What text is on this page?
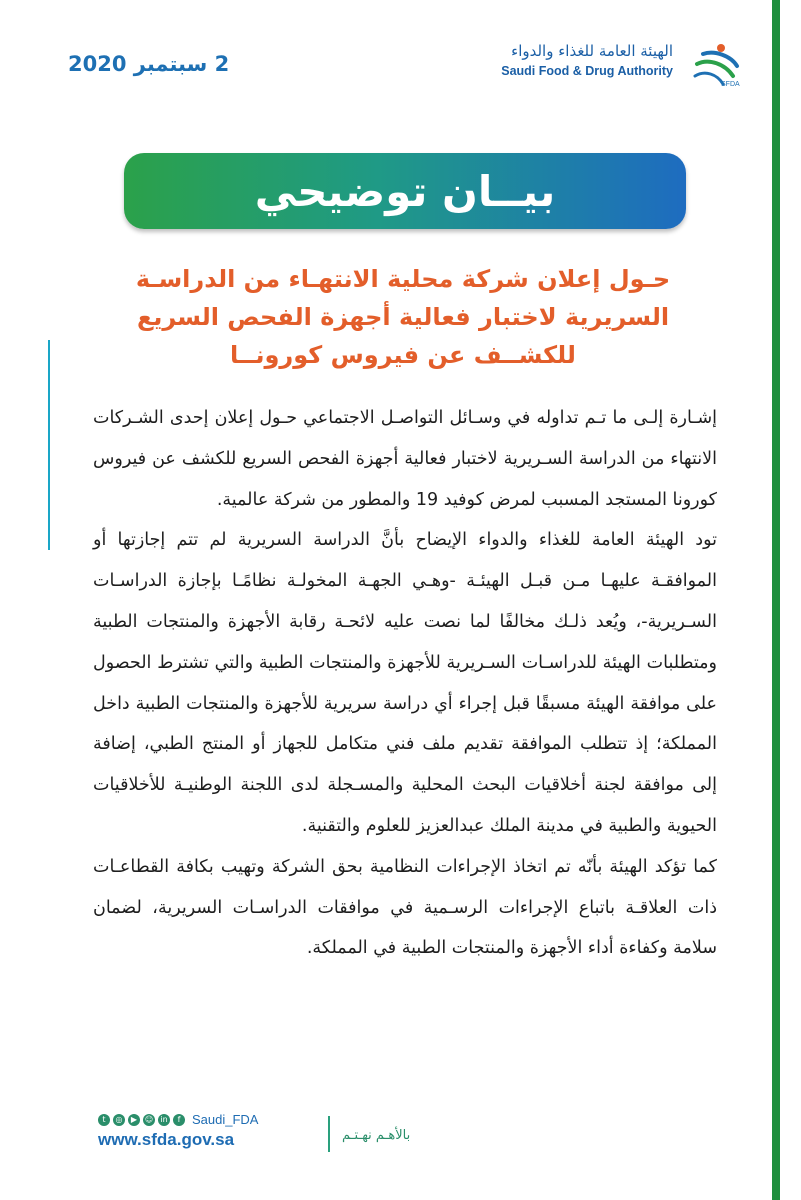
2 سبتمبر 2020
الهيئة العامة للغذاء والدواء
Saudi Food & Drug Authority
SFDA
بيــان توضيحي
حـول إعلان شركة محلية الانتهـاء من الدراسـة
السريرية لاختبار فعالية أجهزة الفحص السريع
للكشــف عن فيروس كورونــا

إشـارة إلـى ما تـم تداوله في وسـائل التواصـل الاجتماعي حـول إعلان إحدى الشـركات الانتهاء من الدراسة السـريرية لاختبار فعالية أجهزة الفحص السريع للكشف عن فيروس كورونا المستجد المسبب لمرض كوفيد 19 والمطور من شركة عالمية.

تود الهيئة العامة للغذاء والدواء الإيضاح بأنَّ الدراسة السريرية لم تتم إجازتها أو الموافقـة عليهـا مـن قبـل الهيئـة -وهـي الجهـة المخولـة نظامًـا بإجازة الدراسـات السـريرية-، ويُعد ذلـك مخالفًا لما نصت عليه لائحـة رقابة الأجهزة والمنتجات الطبية ومتطلبات الهيئة للدراسـات السـريرية للأجهزة والمنتجات الطبية والتي تشترط الحصول على موافقة الهيئة مسبقًا قبل إجراء أي دراسة سريرية للأجهزة والمنتجات الطبية داخل المملكة؛ إذ تتطلب الموافقة تقديم ملف فني متكامل للجهاز أو المنتج الطبي، إضافة إلى موافقة لجنة أخلاقيات البحث المحلية والمسـجلة لدى اللجنة الوطنيـة للأخلاقيات الحيوية والطبية في مدينة الملك عبدالعزيز للعلوم والتقنية.

كما تؤكد الهيئة بأنّه تم اتخاذ الإجراءات النظامية بحق الشركة وتهيب بكافة القطاعـات ذات العلاقـة باتباع الإجراءات الرسـمية في موافقات الدراسـات السريرية، لضمان سلامة وكفاءة أداء الأجهزة والمنتجات الطبية في المملكة.

t	◎	▶ ☺ in	f Saudi_FDA
www.sfda.gov.sa	بالأهـم نهـتـم
